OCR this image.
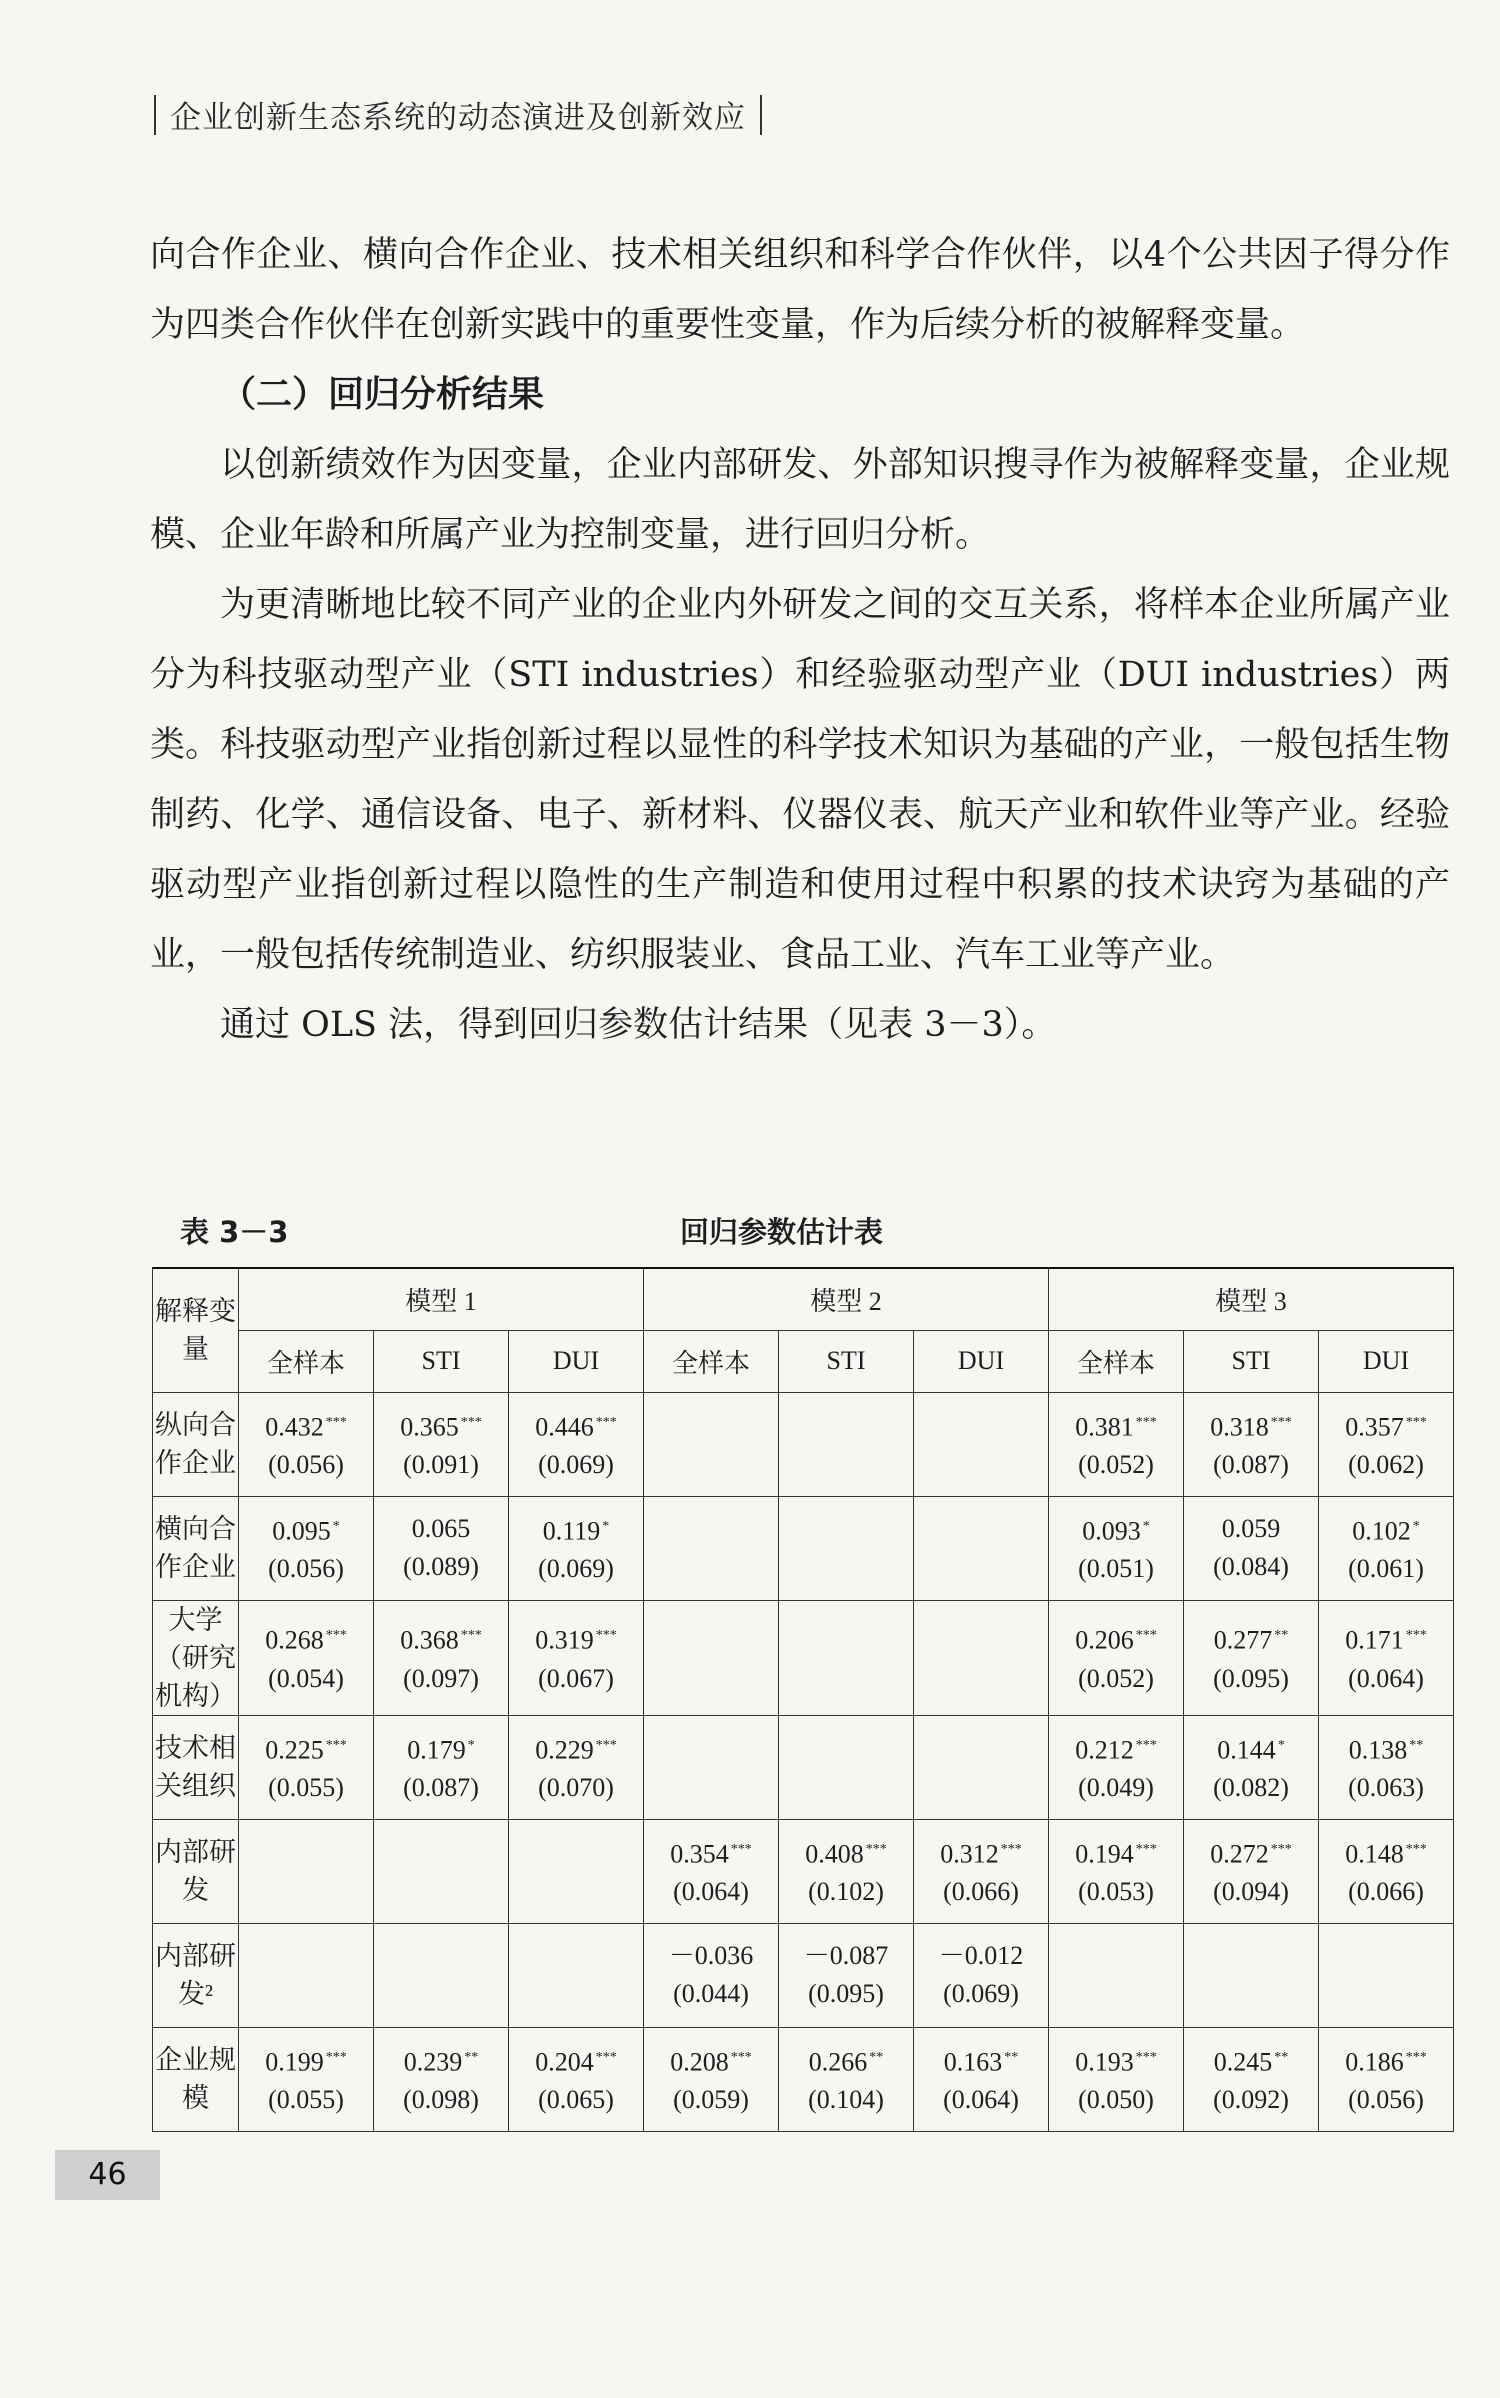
企业创新生态系统的动态演进及创新效应

向合作企业、横向合作企业、技术相关组织和科学合作伙伴，以4个公共因子得分作为四类合作伙伴在创新实践中的重要性变量，作为后续分析的被解释变量。

（二）回归分析结果

以创新绩效作为因变量，企业内部研发、外部知识搜寻作为被解释变量，企业规模、企业年龄和所属产业为控制变量，进行回归分析。

为更清晰地比较不同产业的企业内外研发之间的交互关系，将样本企业所属产业分为科技驱动型产业（STI industries）和经验驱动型产业（DUI industries）两类。科技驱动型产业指创新过程以显性的科学技术知识为基础的产业，一般包括生物制药、化学、通信设备、电子、新材料、仪器仪表、航天产业和软件业等产业。经验驱动型产业指创新过程以隐性的生产制造和使用过程中积累的技术诀窍为基础的产业，一般包括传统制造业、纺织服装业、食品工业、汽车工业等产业。

通过 OLS 法，得到回归参数估计结果（见表 3－3）。

表 3－3	回归参数估计表
解释变量	模型 1			模型 2			模型 3		
	全样本	STI	DUI	全样本	STI	DUI	全样本	STI	DUI
纵向合作企业	0.432 ***
(0.056)	0.365 ***
(0.091)	0.446 ***
(0.069)				0.381 ***
(0.052)	0.318 ***
(0.087)	0.357 ***
(0.062)

横向合作企业	0.095 *
(0.056)	0.065
(0.089)	0.119 *
(0.069)				0.093 *
(0.051)	0.059
(0.084)	0.102 *
(0.061)

大学（研究机构）	0.268 ***
(0.054)	0.368 ***
(0.097)	0.319 ***
(0.067)				0.206 ***
(0.052)	0.277 **
(0.095)	0.171 ***
(0.064)

技术相关组织	0.225 ***
(0.055)	0.179 *
(0.087)	0.229 ***
(0.070)				0.212 ***
(0.049)	0.144 *
(0.082)	0.138 **
(0.063)

内部研发				0.354 ***
(0.064)	0.408 ***
(0.102)	0.312 ***
(0.066)	0.194 ***
(0.053)	0.272 ***
(0.094)	0.148 ***
(0.066)

内部研发²				－0.036
(0.044)	－0.087
(0.095)	－0.012
(0.069)			

企业规模	0.199 ***
(0.055)	0.239 **
(0.098)	0.204 ***
(0.065)	0.208 ***
(0.059)	0.266 **
(0.104)	0.163 **
(0.064)	0.193 ***
(0.050)	0.245 **
(0.092)	0.186 ***
(0.056)
46
